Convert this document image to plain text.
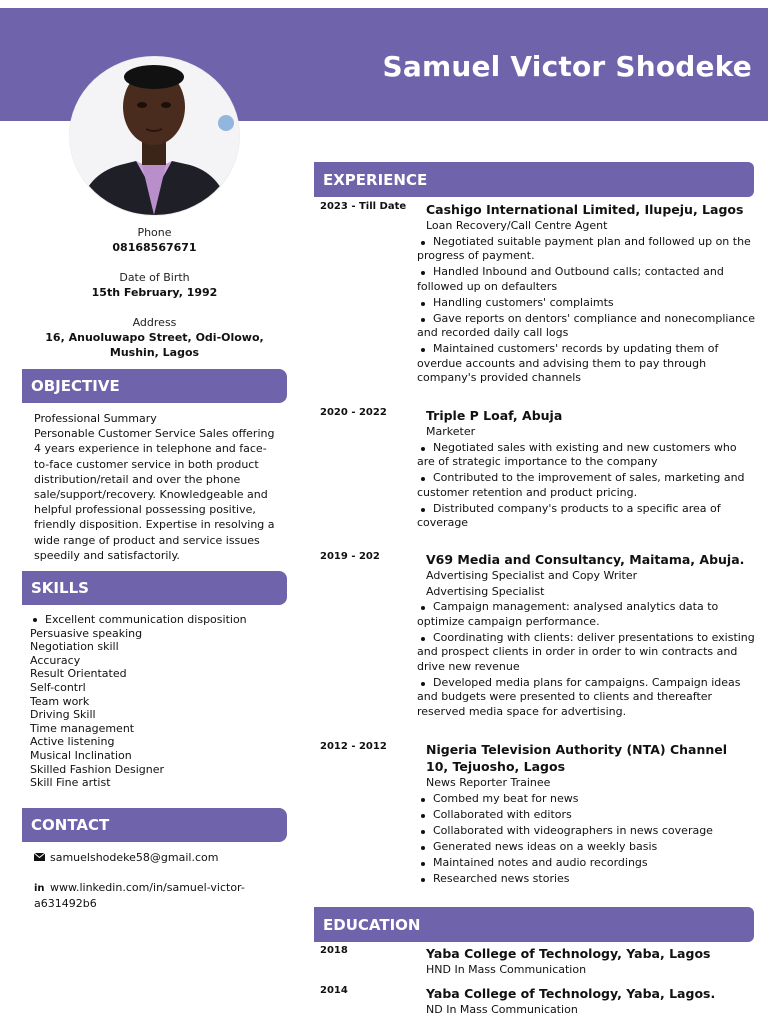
Samuel Victor Shodeke
Phone
08168567671
Date of Birth
15th February, 1992
Address
16, Anuoluwapo Street, Odi-Olowo,
Mushin, Lagos
OBJECTIVE
Professional Summary
Personable Customer Service Sales offering 4 years experience in telephone and face-to-face customer service in both product distribution/retail and over the phone sale/support/recovery. Knowledgeable and helpful professional possessing positive, friendly disposition. Expertise in resolving a wide range of product and service issues speedily and satisfactorily.
SKILLS
Excellent communication disposition
Persuasive speaking
Negotiation skill
Accuracy
Result Orientated
Self-contrl
Team work
Driving Skill
Time management
Active listening
Musical Inclination
Skilled Fashion Designer
Skill Fine artist
CONTACT
samuelshodeke58@gmail.com
in www.linkedin.com/in/samuel-victor-
a631492b6
EXPERIENCE
2023 - Till Date Cashigo International Limited, Ilupeju, Lagos
Loan Recovery/Call Centre Agent
Negotiated suitable payment plan and followed up on the progress of payment.
Handled Inbound and Outbound calls; contacted and followed up on defaulters
Handling customers' complaimts
Gave reports on dentors' compliance and nonecompliance and recorded daily call logs
Maintained customers' records by updating them of overdue accounts and advising them to pay through company's provided channels
2020 - 2022	Triple P Loaf, Abuja
Marketer
Negotiated sales with existing and new customers who are of strategic importance to the company
Contributed to the improvement of sales, marketing and customer retention and product pricing.
Distributed company's products to a specific area of coverage
2019 - 202	V69 Media and Consultancy, Maitama, Abuja.
Advertising Specialist and Copy Writer
Advertising Specialist
Campaign management: analysed analytics data to optimize campaign performance.
Coordinating with clients: deliver presentations to existing and prospect clients in order in order to win contracts and drive new revenue
Developed media plans for campaigns. Campaign ideas and budgets were presented to clients and thereafter reserved media space for advertising.
2012 - 2012	Nigeria Television Authority (NTA) Channel 10, Tejuosho, Lagos
News Reporter Trainee
Combed my beat for news
Collaborated with editors
Collaborated with videographers in news coverage
Generated news ideas on a weekly basis
Maintained notes and audio recordings
Researched news stories
EDUCATION
2018	Yaba College of Technology, Yaba, Lagos
HND In Mass Communication
2014	Yaba College of Technology, Yaba, Lagos.
ND In Mass Communication
